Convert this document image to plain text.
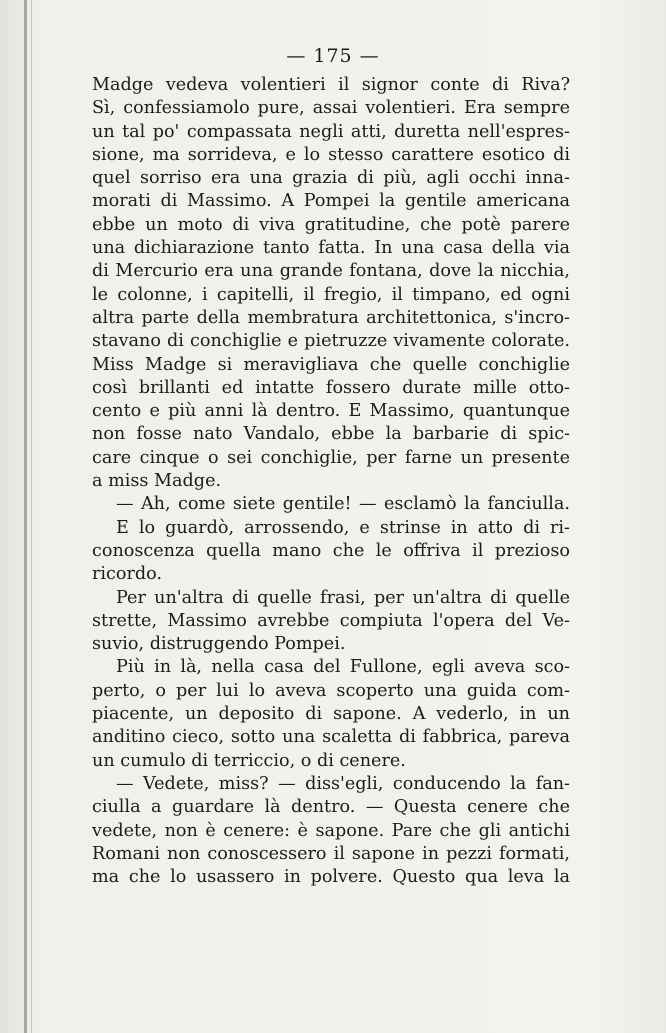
— 175 —
Madge vedeva volentieri il signor conte di Riva?
Sì, confessiamolo pure, assai volentieri. Era sempre
un tal po' compassata negli atti, duretta nell'espres-
sione, ma sorrideva, e lo stesso carattere esotico di
quel sorriso era una grazia di più, agli occhi inna-
morati di Massimo. A Pompei la gentile americana
ebbe un moto di viva gratitudine, che potè parere
una dichiarazione tanto fatta. In una casa della via
di Mercurio era una grande fontana, dove la nicchia,
le colonne, i capitelli, il fregio, il timpano, ed ogni
altra parte della membratura architettonica, s'incro-
stavano di conchiglie e pietruzze vivamente colorate.
Miss Madge si meravigliava che quelle conchiglie
così brillanti ed intatte fossero durate mille otto-
cento e più anni là dentro. E Massimo, quantunque
non fosse nato Vandalo, ebbe la barbarie di spic-
care cinque o sei conchiglie, per farne un presente
a miss Madge.
— Ah, come siete gentile! — esclamò la fanciulla.
E lo guardò, arrossendo, e strinse in atto di ri-
conoscenza quella mano che le offriva il prezioso
ricordo.
Per un'altra di quelle frasi, per un'altra di quelle
strette, Massimo avrebbe compiuta l'opera del Ve-
suvio, distruggendo Pompei.
Più in là, nella casa del Fullone, egli aveva sco-
perto, o per lui lo aveva scoperto una guida com-
piacente, un deposito di sapone. A vederlo, in un
anditino cieco, sotto una scaletta di fabbrica, pareva
un cumulo di terriccio, o di cenere.
— Vedete, miss? — diss'egli, conducendo la fan-
ciulla a guardare là dentro. — Questa cenere che
vedete, non è cenere: è sapone. Pare che gli antichi
Romani non conoscessero il sapone in pezzi formati,
ma che lo usassero in polvere. Questo qua leva la
